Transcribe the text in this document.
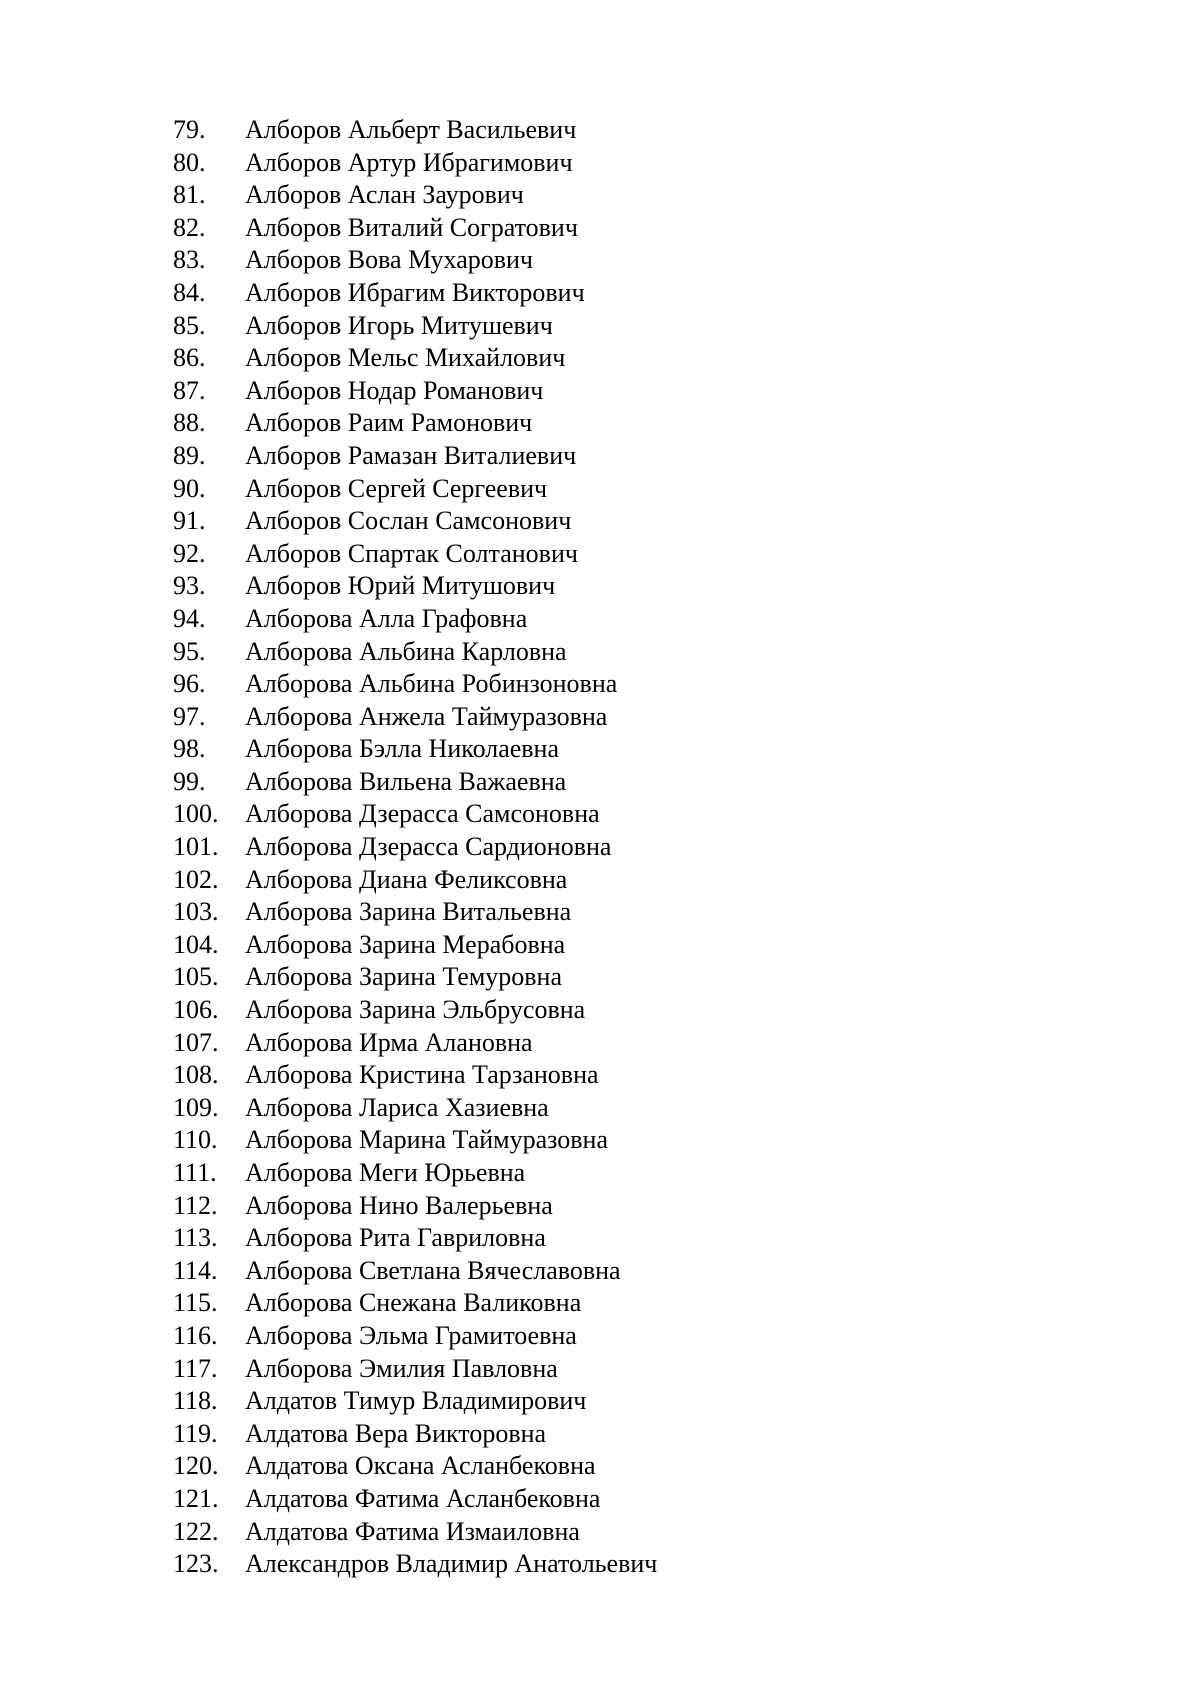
79.	Алборов Альберт Васильевич
80.	Алборов Артур Ибрагимович
81.	Алборов Аслан Заурович
82.	Алборов Виталий Согратович
83.	Алборов Вова Мухарович
84.	Алборов Ибрагим Викторович
85.	Алборов Игорь Митушевич
86.	Алборов Мельс Михайлович
87.	Алборов Нодар Романович
88.	Алборов Раим Рамонович
89.	Алборов Рамазан Виталиевич
90.	Алборов Сергей Сергеевич
91.	Алборов Сослан Самсонович
92.	Алборов Спартак Солтанович
93.	Алборов Юрий Митушович
94.	Алборова Алла Графовна
95.	Алборова Альбина Карловна
96.	Алборова Альбина Робинзоновна
97.	Алборова Анжела Таймуразовна
98.	Алборова Бэлла Николаевна
99.	Алборова Вильена Важаевна
100.	Алборова Дзерасса Самсоновна
101.	Алборова Дзерасса Сардионовна
102.	Алборова Диана Феликсовна
103.	Алборова Зарина Витальевна
104.	Алборова Зарина Мерабовна
105.	Алборова Зарина Темуровна
106.	Алборова Зарина Эльбрусовна
107.	Алборова Ирма Алановна
108.	Алборова Кристина Тарзановна
109.	Алборова Лариса Хазиевна
110.	Алборова Марина Таймуразовна
111.	Алборова Меги Юрьевна
112.	Алборова Нино Валерьевна
113.	Алборова Рита Гавриловна
114.	Алборова Светлана Вячеславовна
115.	Алборова Снежана Валиковна
116.	Алборова Эльма Грамитоевна
117.	Алборова Эмилия Павловна
118.	Алдатов Тимур Владимирович
119.	Алдатова Вера Викторовна
120.	Алдатова Оксана Асланбековна
121.	Алдатова Фатима Асланбековна
122.	Алдатова Фатима Измаиловна
123.	Александров Владимир Анатольевич
